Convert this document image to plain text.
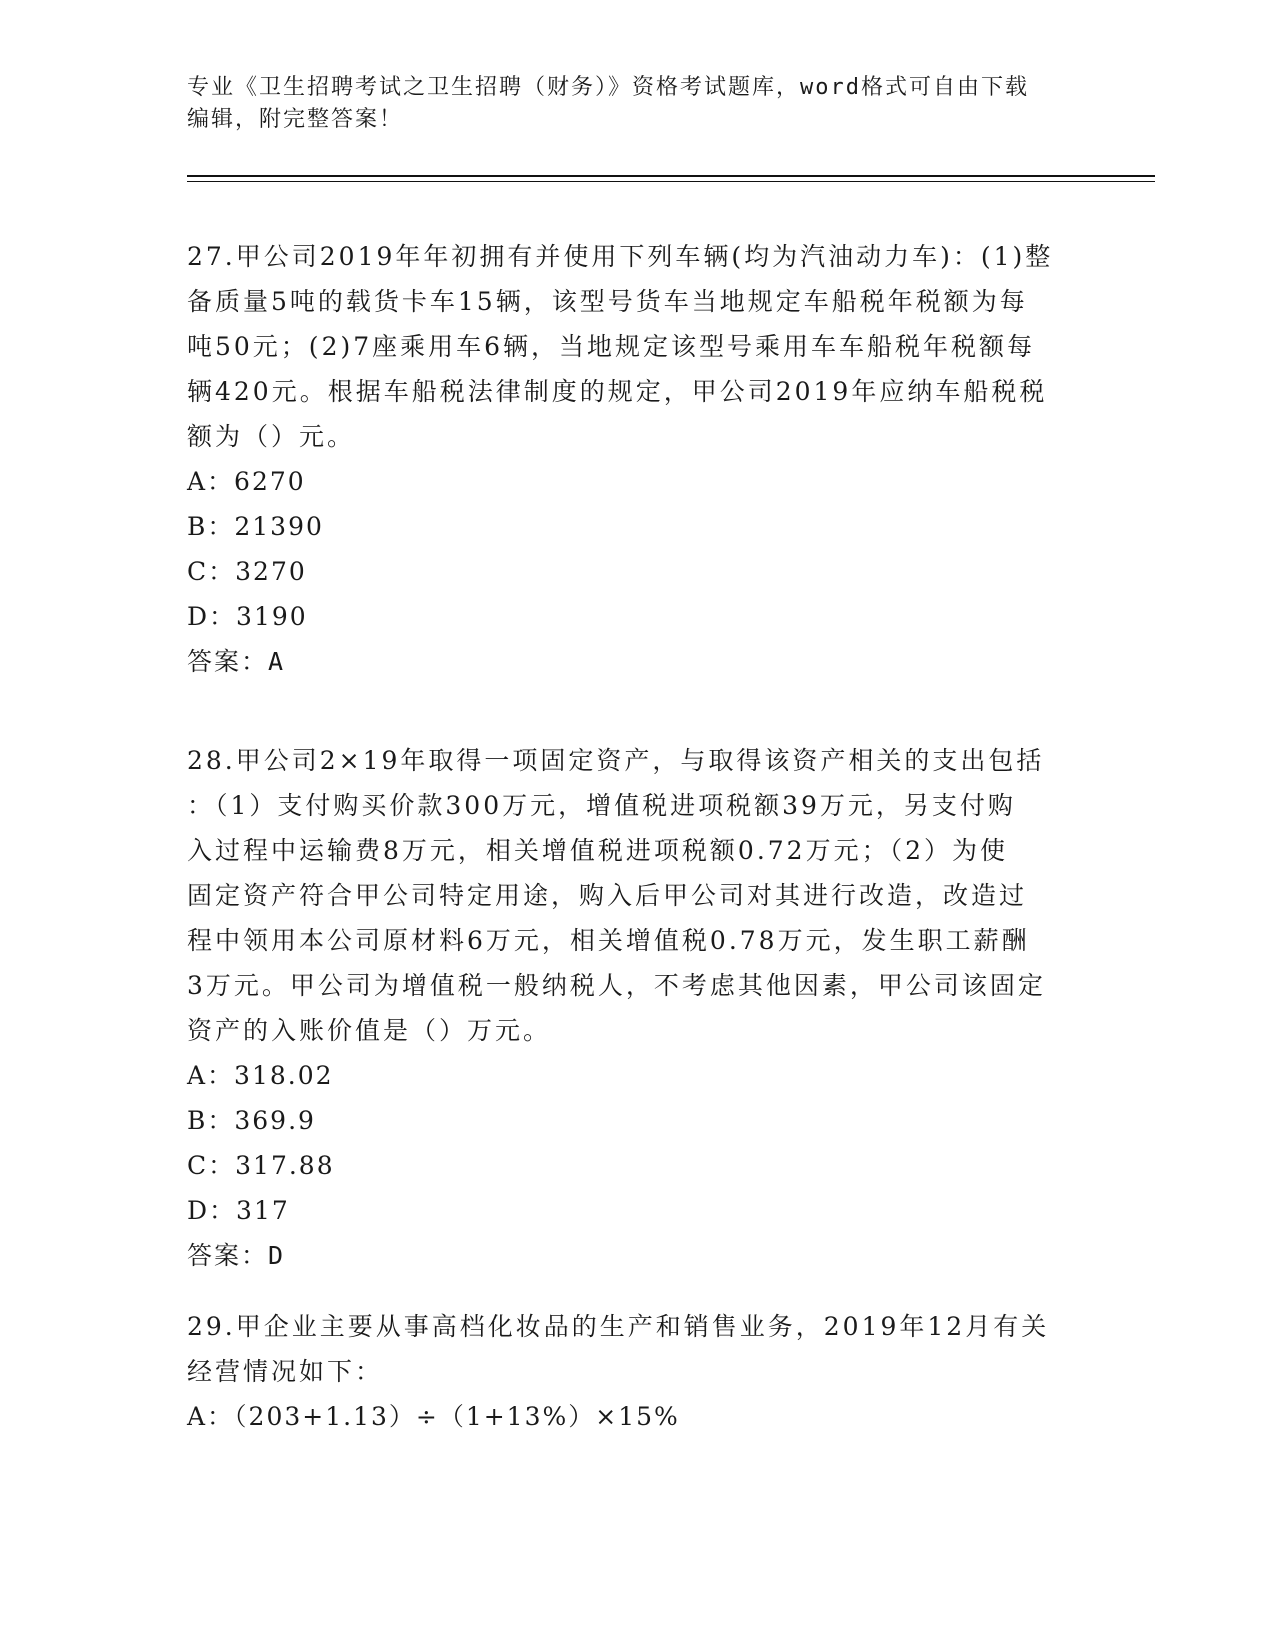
专业《卫生招聘考试之卫生招聘（财务）》资格考试题库，word格式可自由下载
编辑，附完整答案！
27.甲公司2019年年初拥有并使用下列车辆(均为汽油动力车)：(1)整
备质量5吨的载货卡车15辆，该型号货车当地规定车船税年税额为每
吨50元；(2)7座乘用车6辆，当地规定该型号乘用车车船税年税额每
辆420元。根据车船税法律制度的规定，甲公司2019年应纳车船税税
额为（）元。
A：6270
B：21390
C：3270
D：3190
答案：A
28.甲公司2×19年取得一项固定资产，与取得该资产相关的支出包括
：（1）支付购买价款300万元，增值税进项税额39万元，另支付购
入过程中运输费8万元，相关增值税进项税额0.72万元；（2）为使
固定资产符合甲公司特定用途，购入后甲公司对其进行改造，改造过
程中领用本公司原材料6万元，相关增值税0.78万元，发生职工薪酬
3万元。甲公司为增值税一般纳税人，不考虑其他因素，甲公司该固定
资产的入账价值是（）万元。
A：318.02
B：369.9
C：317.88
D：317
答案：D
29.甲企业主要从事高档化妆品的生产和销售业务，2019年12月有关
经营情况如下：
A：（203+1.13）÷（1+13%）×15%
